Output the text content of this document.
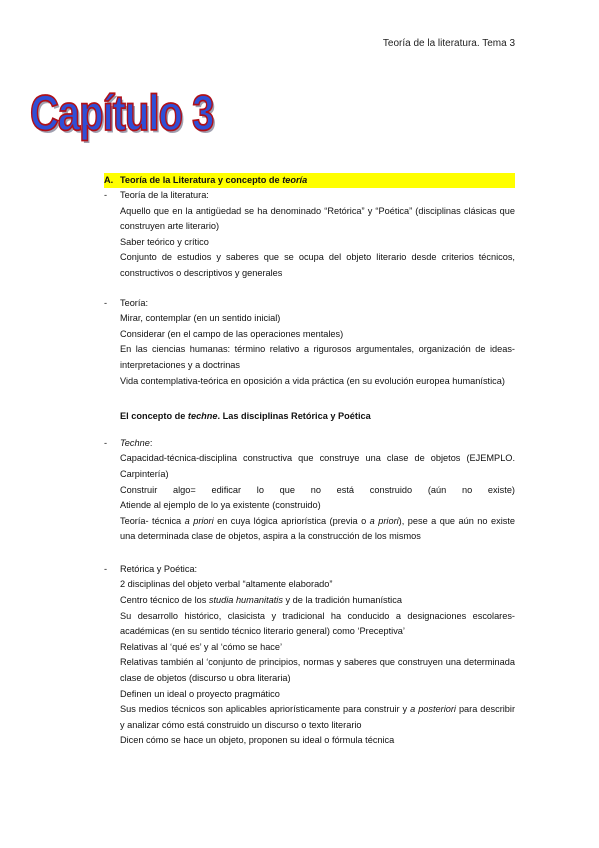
Teoría de la literatura. Tema 3
Capítulo 3
A. Teoría de la Literatura y concepto de teoría
-	Teoría de la literatura:
Aquello que en la antigüedad se ha denominado “Retórica” y “Poética” (disciplinas clásicas que construyen arte literario)
Saber teórico y crítico
Conjunto de estudios y saberes que se ocupa del objeto literario desde criterios técnicos, constructivos o descriptivos y generales
-	Teoría:
Mirar, contemplar (en un sentido inicial)
Considerar (en el campo de las operaciones mentales)
En las ciencias humanas: término relativo a rigurosos argumentales, organización de ideas-interpretaciones y a doctrinas
Vida contemplativa-teórica en oposición a vida práctica (en su evolución europea humanística)
El concepto de techne. Las disciplinas Retórica y Poética
-	Techne:
Capacidad-técnica-disciplina constructiva que construye una clase de objetos (EJEMPLO. Carpintería)
Construir algo= edificar lo que no está construido (aún no existe)
Atiende al ejemplo de lo ya existente (construido)
Teoría- técnica a priori en cuya lógica apriorística (previa o a priori), pese a que aún no existe una determinada clase de objetos, aspira a la construcción de los mismos
-	Retórica y Poética:
2 disciplinas del objeto verbal “altamente elaborado”
Centro técnico de los studia humanitatis y de la tradición humanística
Su desarrollo histórico, clasicista y tradicional ha conducido a designaciones escolares-académicas (en su sentido técnico literario general) como ‘Preceptiva’
Relativas al ‘qué es’ y al ‘cómo se hace’
Relativas también al ‘conjunto de principios, normas y saberes que construyen una determinada clase de objetos (discurso u obra literaria)
Definen un ideal o proyecto pragmático
Sus medios técnicos son aplicables apriorísticamente para construir y a posteriori para describir y analizar cómo está construido un discurso o texto literario
Dicen cómo se hace un objeto, proponen su ideal o fórmula técnica
